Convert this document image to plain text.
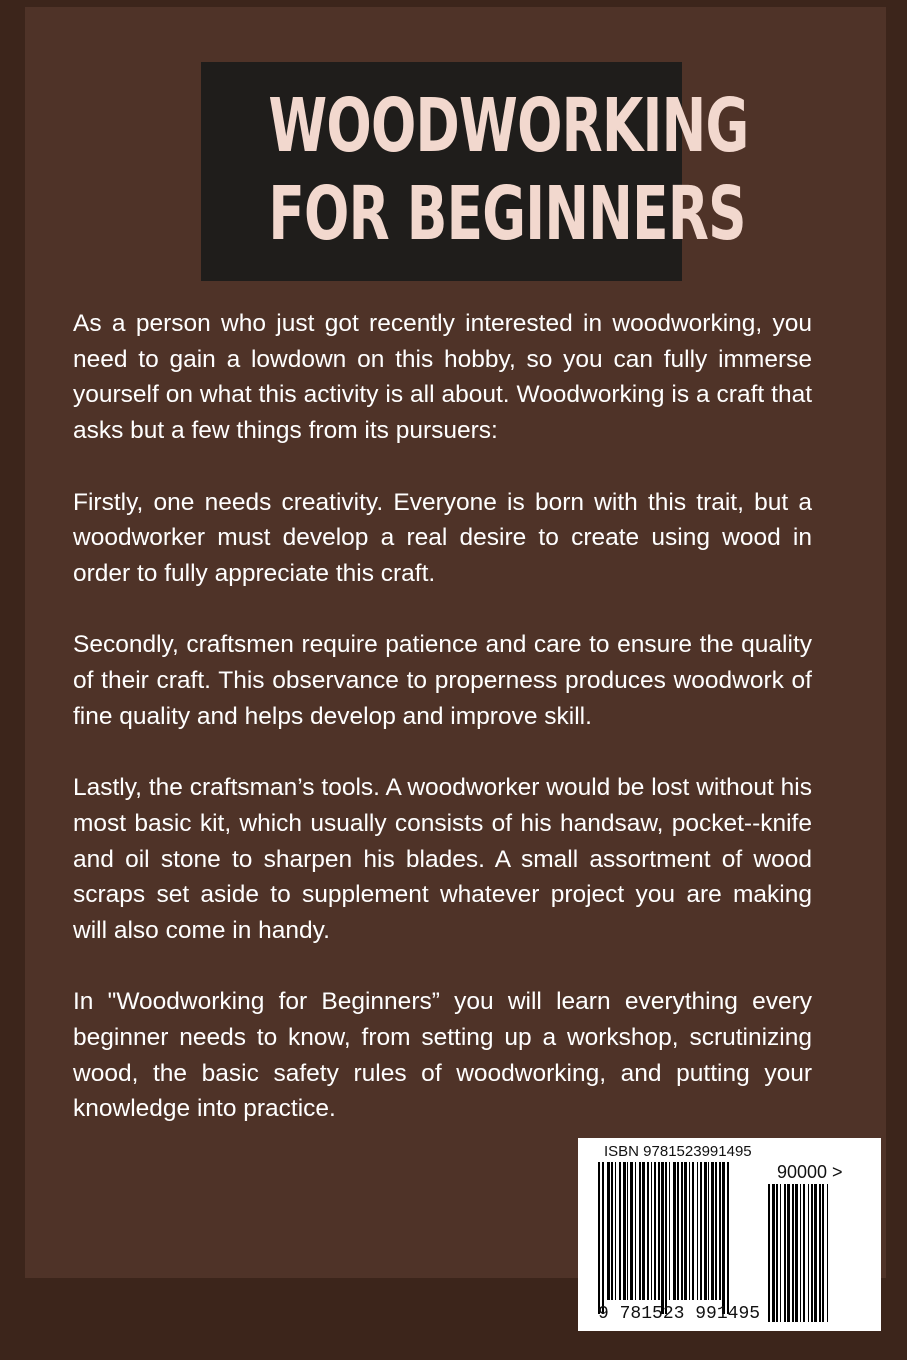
WOODWORKING
FOR BEGINNERS

As a person who just got recently interested in woodworking, you need to gain a lowdown on this hobby, so you can fully immerse yourself on what this activity is all about. Woodworking is a craft that asks but a few things from its pursuers:

Firstly, one needs creativity. Everyone is born with this trait, but a woodworker must develop a real desire to create using wood in order to fully appreciate this craft.

Secondly, craftsmen require patience and care to ensure the quality of their craft. This observance to properness produces woodwork of fine quality and helps develop and improve skill.

Lastly, the craftsman’s tools. A woodworker would be lost without his most basic kit, which usually consists of his handsaw, pocket--knife and oil stone to sharpen his blades. A small assortment of wood scraps set aside to supplement whatever project you are making will also come in handy.

In "Woodworking for Beginners” you will learn everything every beginner needs to know, from setting up a workshop, scrutinizing wood, the basic safety rules of woodworking, and putting your knowledge into practice.

ISBN 9781523991495
90000 >
9 781523 991495
